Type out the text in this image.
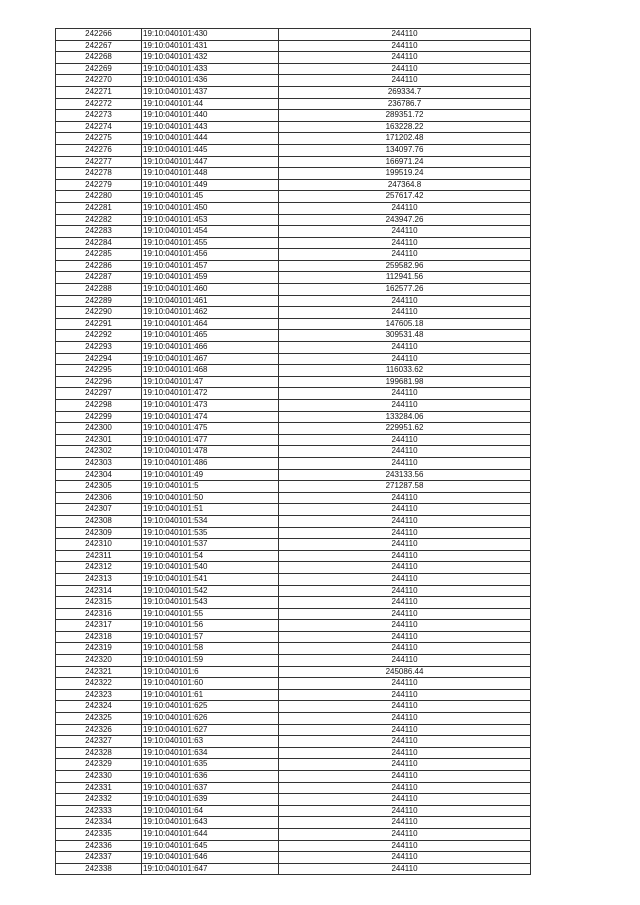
242266	19:10:040101:430	244110
242267	19:10:040101:431	244110
242268	19:10:040101:432	244110
242269	19:10:040101:433	244110
242270	19:10:040101:436	244110
242271	19:10:040101:437	269334.7
242272	19:10:040101:44	236786.7
242273	19:10:040101:440	289351.72
242274	19:10:040101:443	163228.22
242275	19:10:040101:444	171202.48
242276	19:10:040101:445	134097.76
242277	19:10:040101:447	166971.24
242278	19:10:040101:448	199519.24
242279	19:10:040101:449	247364.8
242280	19:10:040101:45	257617.42
242281	19:10:040101:450	244110
242282	19:10:040101:453	243947.26
242283	19:10:040101:454	244110
242284	19:10:040101:455	244110
242285	19:10:040101:456	244110
242286	19:10:040101:457	259582.96
242287	19:10:040101:459	112941.56
242288	19:10:040101:460	162577.26
242289	19:10:040101:461	244110
242290	19:10:040101:462	244110
242291	19:10:040101:464	147605.18
242292	19:10:040101:465	309531.48
242293	19:10:040101:466	244110
242294	19:10:040101:467	244110
242295	19:10:040101:468	116033.62
242296	19:10:040101:47	199681.98
242297	19:10:040101:472	244110
242298	19:10:040101:473	244110
242299	19:10:040101:474	133284.06
242300	19:10:040101:475	229951.62
242301	19:10:040101:477	244110
242302	19:10:040101:478	244110
242303	19:10:040101:486	244110
242304	19:10:040101:49	243133.56
242305	19:10:040101:5	271287.58
242306	19:10:040101:50	244110
242307	19:10:040101:51	244110
242308	19:10:040101:534	244110
242309	19:10:040101:535	244110
242310	19:10:040101:537	244110
242311	19:10:040101:54	244110
242312	19:10:040101:540	244110
242313	19:10:040101:541	244110
242314	19:10:040101:542	244110
242315	19:10:040101:543	244110
242316	19:10:040101:55	244110
242317	19:10:040101:56	244110
242318	19:10:040101:57	244110
242319	19:10:040101:58	244110
242320	19:10:040101:59	244110
242321	19:10:040101:6	245086.44
242322	19:10:040101:60	244110
242323	19:10:040101:61	244110
242324	19:10:040101:625	244110
242325	19:10:040101:626	244110
242326	19:10:040101:627	244110
242327	19:10:040101:63	244110
242328	19:10:040101:634	244110
242329	19:10:040101:635	244110
242330	19:10:040101:636	244110
242331	19:10:040101:637	244110
242332	19:10:040101:639	244110
242333	19:10:040101:64	244110
242334	19:10:040101:643	244110
242335	19:10:040101:644	244110
242336	19:10:040101:645	244110
242337	19:10:040101:646	244110
242338	19:10:040101:647	244110
